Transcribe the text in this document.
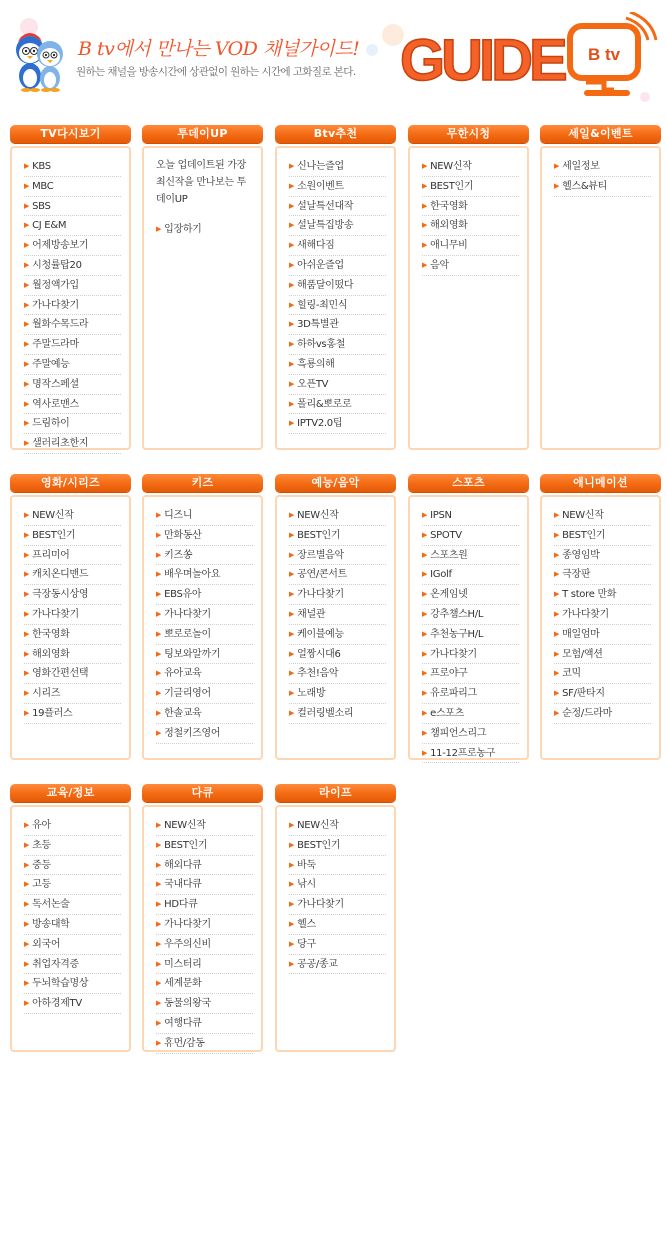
B tv에서 만나는 VOD 채널가이드!
원하는 채널을 방송시간에 상관없이 원하는 시간에 고화질로 본다. GUIDE B tv
TV다시보기
▶ KBS
▶ MBC
▶ SBS
▶ CJ E&M
▶ 어제방송보기
▶ 시청률탑20
▶ 월정액가입
▶ 가나다찾기
▶ 월화수목드라
▶ 주말드라마
▶ 주말예능
▶ 명작스페셜
▶ 역사로맨스
▶ 드림하이
▶ 샐러리초한지
투데이UP
오늘 업데이트된 가장 최신작을 만나보는 투데이UP
▶ 입장하기
Btv추천
▶ 신나는즐업
▶ 소원이벤트
▶ 설날특선대작
▶ 설날특집방송
▶ 새해다짐
▶ 아쉬운즐업
▶ 해품달이떴다
▶ 힐링-최민식
▶ 3D특별관
▶ 하하vs홍철
▶ 흑룡의해
▶ 오픈TV
▶ 폴리&뽀로로
▶ IPTV2.0팁
무한시청
▶ NEW신작
▶ BEST인기
▶ 한국영화
▶ 해외영화
▶ 애니무비
▶ 음악
세일&이벤트
▶ 세일정보
▶ 헬스&뷰티
영화/시리즈
▶ NEW신작
▶ BEST인기
▶ 프리미어
▶ 캐치온디맨드
▶ 극장동시상영
▶ 가나다찾기
▶ 한국영화
▶ 해외영화
▶ 영화간편선택
▶ 시리즈
▶ 19플러스
키즈
▶ 디즈니
▶ 만화동산
▶ 키즈쏭
▶ 배우며놀아요
▶ EBS유아
▶ 가나다찾기
▶ 뽀로로놀이
▶ 팅보와알까기
▶ 유아교육
▶ 기글리영어
▶ 한솔교육
▶ 정철키즈영어
예능/음악
▶ NEW신작
▶ BEST인기
▶ 장르별음악
▶ 공연/콘서트
▶ 가나다찾기
▶ 채널관
▶ 케이블예능
▶ 얼짱시대6
▶ 추천!음악
▶ 노래방
▶ 컬러링벨소리
스포츠
▶ IPSN
▶ SPOTV
▶ 스포츠원
▶ IGolf
▶ 온게임넷
▶ 강추챔스H/L
▶ 추천농구H/L
▶ 가나다찾기
▶ 프로야구
▶ 유로파리그
▶ e스포츠
▶ 챔피언스리그
▶ 11-12프로농구
애니메이션
▶ NEW신작
▶ BEST인기
▶ 종영임박
▶ 극장판
▶ T store 만화
▶ 가나다찾기
▶ 매일엄마
▶ 모험/액션
▶ 코믹
▶ SF/판타지
▶ 순정/드라마
교육/정보
▶ 유아
▶ 초등
▶ 중등
▶ 고등
▶ 독서논술
▶ 방송대학
▶ 외국어
▶ 취업자격증
▶ 두뇌학습명상
▶ 아하경제TV
다큐
▶ NEW신작
▶ BEST인기
▶ 해외다큐
▶ 국내다큐
▶ HD다큐
▶ 가나다찾기
▶ 우주의신비
▶ 미스터리
▶ 세계문화
▶ 동물의왕국
▶ 여행다큐
▶ 휴먼/감동
라이프
▶ NEW신작
▶ BEST인기
▶ 바둑
▶ 낚시
▶ 가나다찾기
▶ 헬스
▶ 당구
▶ 공공/종교
